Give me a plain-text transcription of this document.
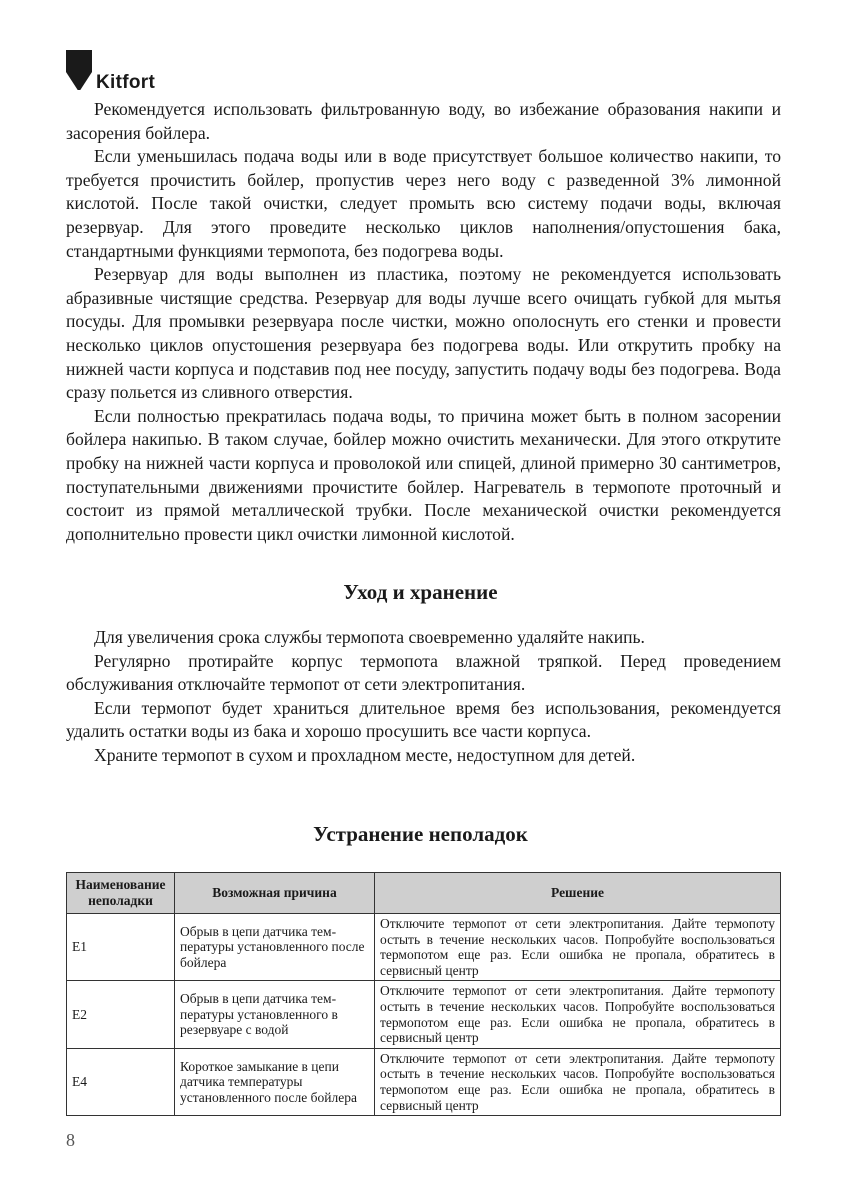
Kitfort

Рекомендуется использовать фильтрованную воду, во избежание образования накипи и засорения бойлера.

Если уменьшилась подача воды или в воде присутствует большое количество накипи, то требуется прочистить бойлер, пропустив через него воду с разведенной 3% лимонной кислотой. После такой очистки, следует промыть всю систему подачи воды, включая резервуар. Для этого проведите несколько циклов наполнения/опустошения бака, стандартными функциями термопота, без подогрева воды.

Резервуар для воды выполнен из пластика, поэтому не рекомендуется использовать абразивные чистящие средства. Резервуар для воды лучше всего очищать губкой для мытья посуды. Для промывки резервуара после чистки, можно ополоснуть его стенки и провести несколько циклов опустошения резервуара без подогрева воды. Или открутить пробку на нижней части корпуса и подставив под нее посуду, запустить подачу воды без подогрева. Вода сразу польется из сливного отверстия.

Если полностью прекратилась подача воды, то причина может быть в полном засорении бойлера накипью. В таком случае, бойлер можно очистить механически. Для этого открутите пробку на нижней части корпуса и проволокой или спицей, длиной примерно 30 сантиметров, поступательными движениями прочистите бойлер. Нагреватель в термопоте проточный и состоит из прямой металлической трубки. После механической очистки рекомендуется дополнительно провести цикл очистки лимонной кислотой.

Уход и хранение

Для увеличения срока службы термопота своевременно удаляйте накипь.

Регулярно протирайте корпус термопота влажной тряпкой. Перед проведением обслуживания отключайте термопот от сети электропитания.

Если термопот будет храниться длительное время без использования, рекомендуется удалить остатки воды из бака и хорошо просушить все части корпуса.

Храните термопот в сухом и прохладном месте, недоступном для детей.

Устранение неполадок
Наименование неполадки	Возможная причина	Решение
E1	Обрыв в цепи датчика температуры установленного после бойлера	Отключите термопот от сети электропитания. Дайте термопоту остыть в течение нескольких часов. Попробуйте воспользоваться термопотом еще раз. Если ошибка не пропала, обратитесь в сервисный центр
E2	Обрыв в цепи датчика температуры установленного в резервуаре с водой	Отключите термопот от сети электропитания. Дайте термопоту остыть в течение нескольких часов. Попробуйте воспользоваться термопотом еще раз. Если ошибка не пропала, обратитесь в сервисный центр
E4	Короткое замыкание в цепи датчика температуры установленного после бойлера	Отключите термопот от сети электропитания. Дайте термопоту остыть в течение нескольких часов. Попробуйте воспользоваться термопотом еще раз. Если ошибка не пропала, обратитесь в сервисный центр
8
